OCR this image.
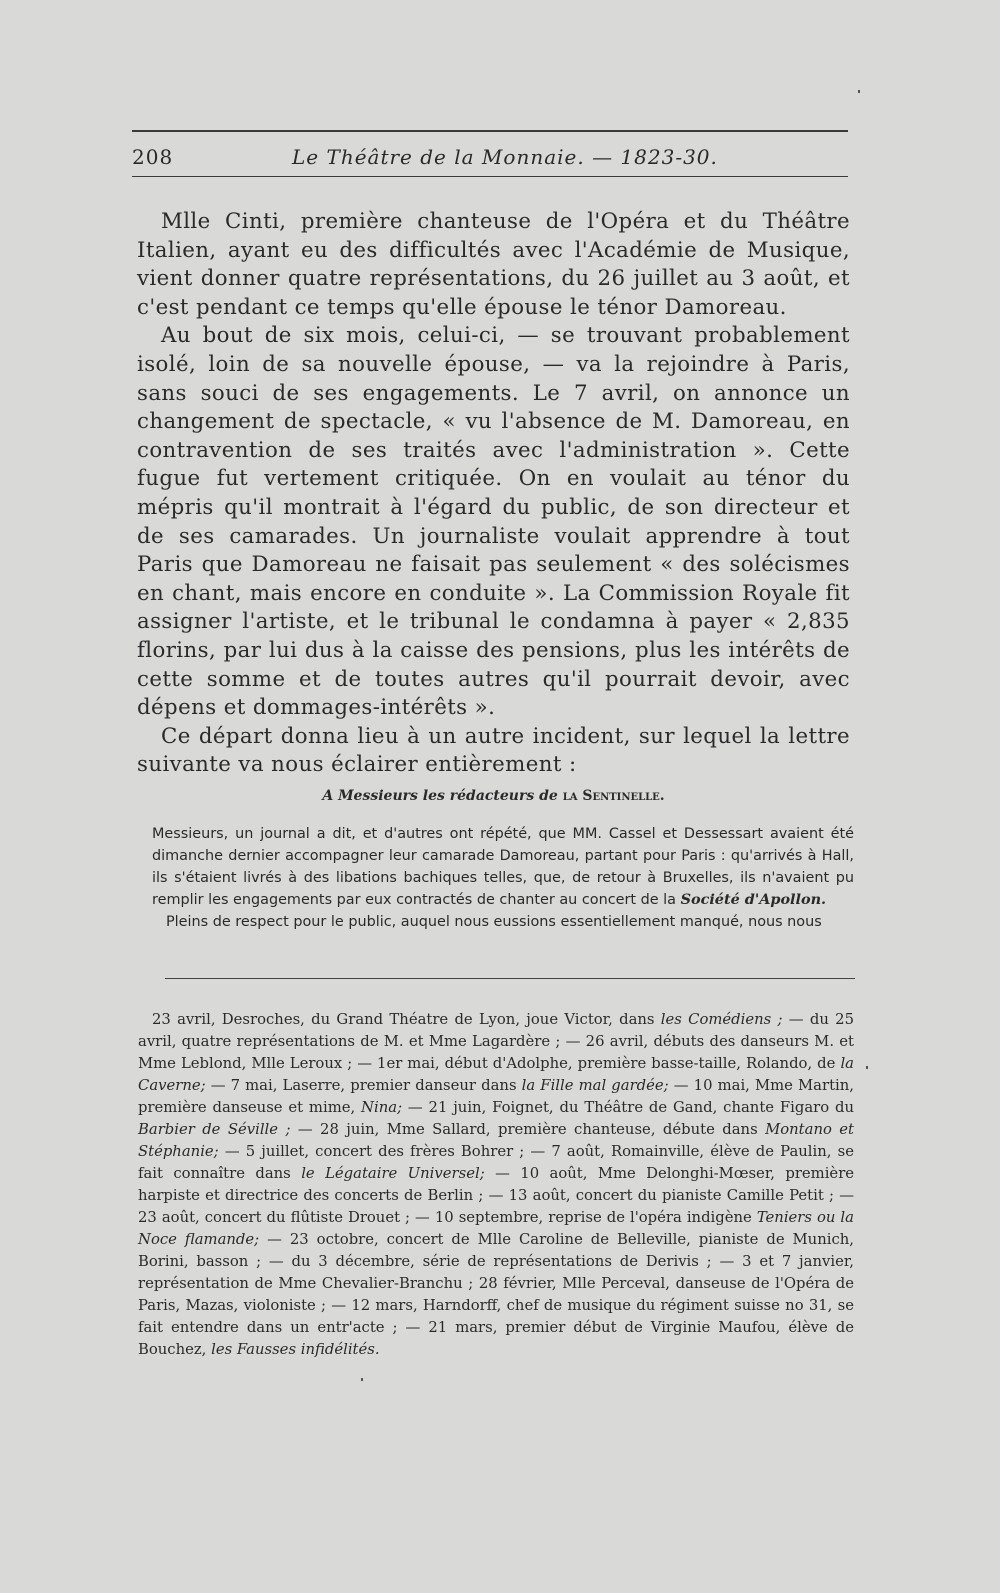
208	Le Théâtre de la Monnaie. — 1823-30.

Mlle Cinti, première chanteuse de l'Opéra et du Théâtre Italien, ayant eu des difficultés avec l'Académie de Musique, vient donner quatre représentations, du 26 juillet au 3 août, et c'est pendant ce temps qu'elle épouse le ténor Damoreau.

Au bout de six mois, celui-ci, — se trouvant probablement isolé, loin de sa nouvelle épouse, — va la rejoindre à Paris, sans souci de ses engagements. Le 7 avril, on annonce un changement de spectacle, « vu l'absence de M. Damoreau, en contravention de ses traités avec l'administration ». Cette fugue fut vertement critiquée. On en voulait au ténor du mépris qu'il montrait à l'égard du public, de son directeur et de ses camarades. Un journaliste voulait apprendre à tout Paris que Damoreau ne faisait pas seulement « des solécismes en chant, mais encore en conduite ». La Commission Royale fit assigner l'artiste, et le tribunal le condamna à payer « 2,835 florins, par lui dus à la caisse des pensions, plus les intérêts de cette somme et de toutes autres qu'il pourrait devoir, avec dépens et dommages-intérêts ».

Ce départ donna lieu à un autre incident, sur lequel la lettre suivante va nous éclairer entièrement :

A Messieurs les rédacteurs de la Sentinelle.

Messieurs, un journal a dit, et d'autres ont répété, que MM. Cassel et Dessessart avaient été dimanche dernier accompagner leur camarade Damoreau, partant pour Paris : qu'arrivés à Hall, ils s'étaient livrés à des libations bachiques telles, que, de retour à Bruxelles, ils n'avaient pu remplir les engagements par eux contractés de chanter au concert de la Société d'Apollon.

Pleins de respect pour le public, auquel nous eussions essentiellement manqué, nous nous

23 avril, Desroches, du Grand Théatre de Lyon, joue Victor, dans les Comédiens ; — du 25 avril, quatre représentations de M. et Mme Lagardère ; — 26 avril, débuts des danseurs M. et Mme Leblond, Mlle Leroux ; — 1er mai, début d'Adolphe, première basse-taille, Rolando, de la Caverne; — 7 mai, Laserre, premier danseur dans la Fille mal gardée; — 10 mai, Mme Martin, première danseuse et mime, Nina; — 21 juin, Foignet, du Théâtre de Gand, chante Figaro du Barbier de Séville ; — 28 juin, Mme Sallard, première chanteuse, débute dans Montano et Stéphanie; — 5 juillet, concert des frères Bohrer ; — 7 août, Romainville, élève de Paulin, se fait connaître dans le Légataire Universel; — 10 août, Mme Delonghi-Mœser, première harpiste et directrice des concerts de Berlin ; — 13 août, concert du pianiste Camille Petit ; — 23 août, concert du flûtiste Drouet ; — 10 septembre, reprise de l'opéra indigène Teniers ou la Noce flamande; — 23 octobre, concert de Mlle Caroline de Belleville, pianiste de Munich, Borini, basson ; — du 3 décembre, série de représentations de Derivis ; — 3 et 7 janvier, représentation de Mme Chevalier-Branchu ; 28 février, Mlle Perceval, danseuse de l'Opéra de Paris, Mazas, violoniste ; — 12 mars, Harndorff, chef de musique du régiment suisse no 31, se fait entendre dans un entr'acte ; — 21 mars, premier début de Virginie Maufou, élève de Bouchez, les Fausses infidélités.
